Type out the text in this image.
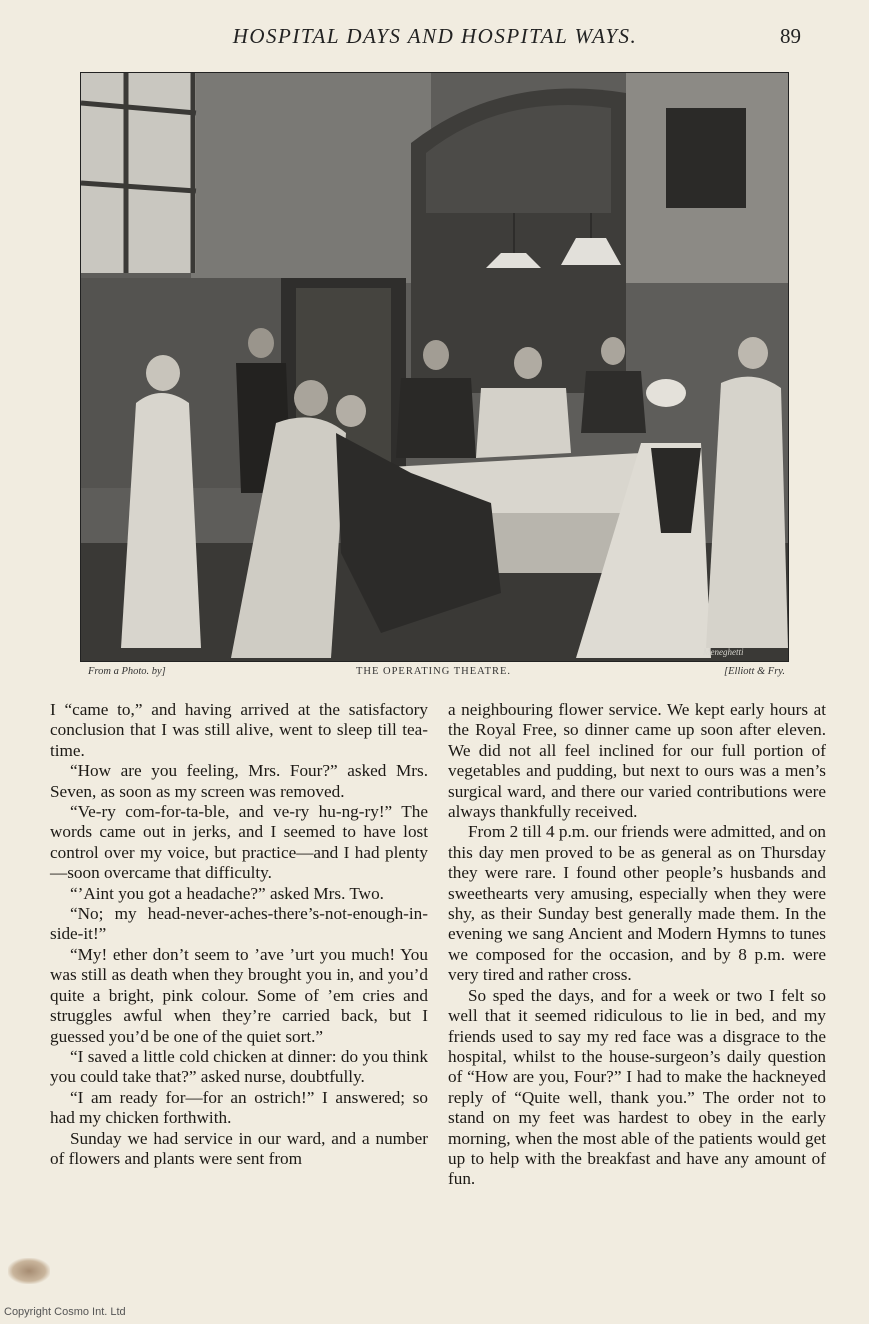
HOSPITAL DAYS AND HOSPITAL WAYS.	89
Meneghetti
From a Photo. by]	THE OPERATING THEATRE.	[Elliott & Fry.

I “came to,” and having arrived at the satisfactory conclusion that I was still alive, went to sleep till tea-time.

“How are you feeling, Mrs. Four?” asked Mrs. Seven, as soon as my screen was removed.

“Ve-ry com-for-ta-ble, and ve-ry hu-ng-ry!” The words came out in jerks, and I seemed to have lost control over my voice, but practice—and I had plenty—soon overcame that difficulty.

“’Aint you got a headache?” asked Mrs. Two.

“No; my head-never-aches-there’s-not-enough-in-side-it!”

“My! ether don’t seem to ’ave ’urt you much! You was still as death when they brought you in, and you’d quite a bright, pink colour. Some of ’em cries and struggles awful when they’re carried back, but I guessed you’d be one of the quiet sort.”

“I saved a little cold chicken at dinner: do you think you could take that?” asked nurse, doubtfully.

“I am ready for—for an ostrich!” I answered; so had my chicken forthwith.

Sunday we had service in our ward, and a number of flowers and plants were sent from

a neighbouring flower service. We kept early hours at the Royal Free, so dinner came up soon after eleven. We did not all feel inclined for our full portion of vegetables and pudding, but next to ours was a men’s surgical ward, and there our varied contributions were always thankfully received.

From 2 till 4 p.m. our friends were admitted, and on this day men proved to be as general as on Thursday they were rare. I found other people’s husbands and sweethearts very amusing, especially when they were shy, as their Sunday best generally made them. In the evening we sang Ancient and Modern Hymns to tunes we composed for the occasion, and by 8 p.m. were very tired and rather cross.

So sped the days, and for a week or two I felt so well that it seemed ridiculous to lie in bed, and my friends used to say my red face was a disgrace to the hospital, whilst to the house-surgeon’s daily question of “How are you, Four?” I had to make the hackneyed reply of “Quite well, thank you.” The order not to stand on my feet was hardest to obey in the early morning, when the most able of the patients would get up to help with the breakfast and have any amount of fun.

Copyright Cosmo Int. Ltd
